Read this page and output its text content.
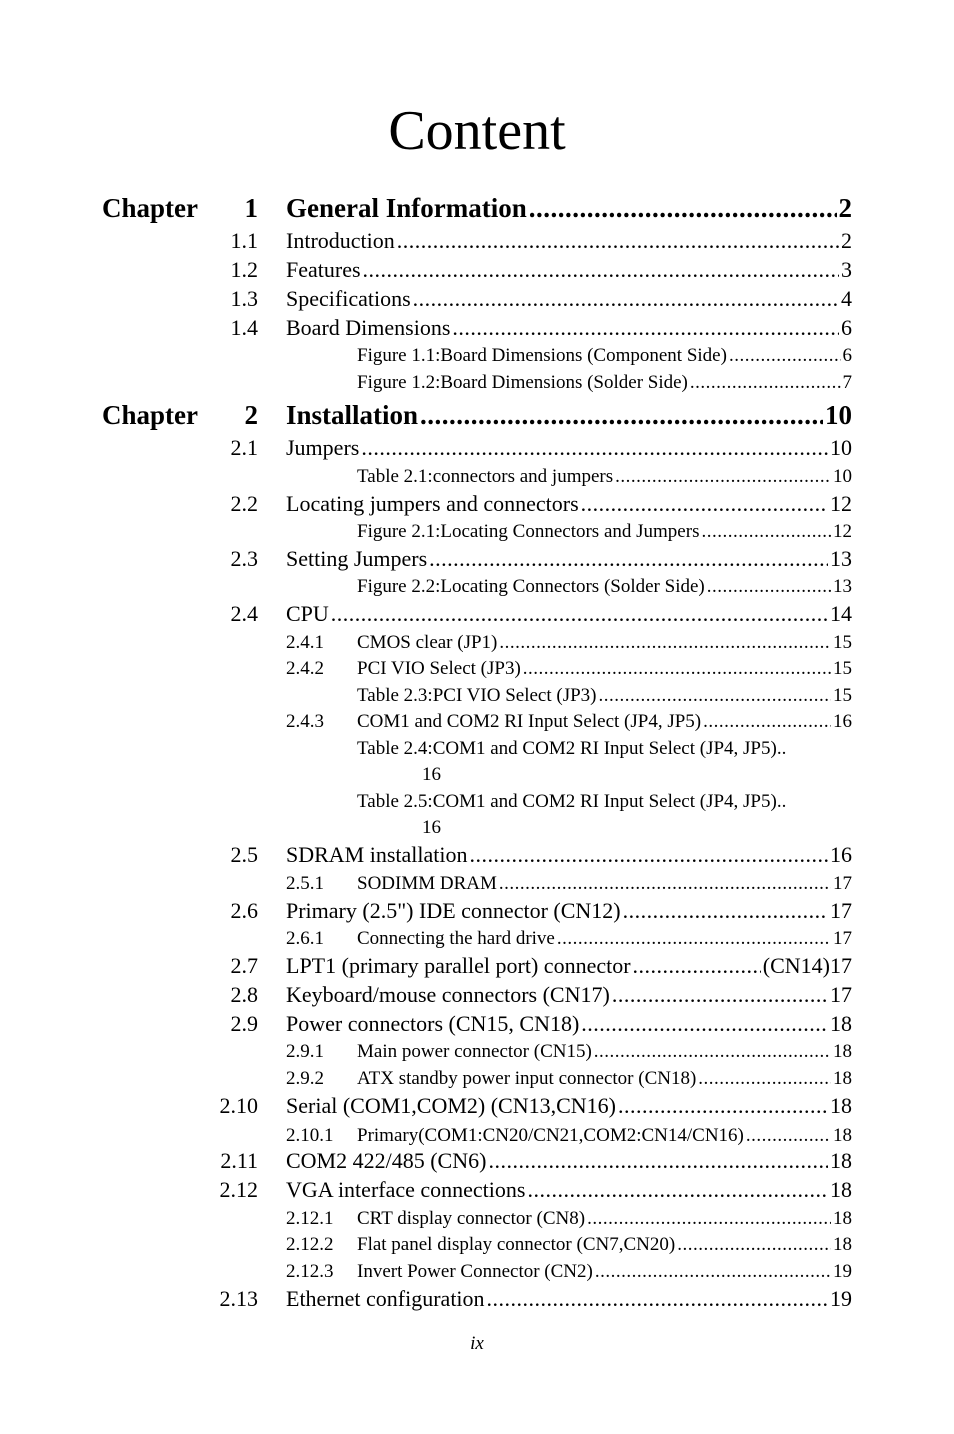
Content
Chapter	1 General Information .....	2
1.1 Introduction .....	2
1.2 Features .....	3
1.3 Specifications .....	4
1.4 Board Dimensions .....	6
Figure 1.1:Board Dimensions (Component Side) .....	6
Figure 1.2:Board Dimensions (Solder Side) .....	7
Chapter	2 Installation .....	10
2.1 Jumpers .....	10
Table 2.1:connectors and jumpers .....	10
2.2 Locating jumpers and connectors .....	12
Figure 2.1:Locating Connectors and Jumpers .....	12
2.3 Setting Jumpers .....	13
Figure 2.2:Locating Connectors (Solder Side) .....	13
2.4 CPU .....	14
2.4.1 CMOS clear (JP1) .....	15
2.4.2 PCI VIO Select (JP3) .....	15
Table 2.3:PCI VIO Select (JP3) .....	15
2.4.3 COM1 and COM2 RI Input Select (JP4, JP5) .....	16
Table 2.4:COM1 and COM2 RI Input Select (JP4, JP5)..
16
Table 2.5:COM1 and COM2 RI Input Select (JP4, JP5)..
16
2.5 SDRAM installation .....	16
2.5.1 SODIMM DRAM .....	17
2.6 Primary (2.5") IDE connector (CN12) .....	17
2.6.1 Connecting the hard drive .....	17
2.7 LPT1 (primary parallel port) connector .....	(CN14)17
2.8 Keyboard/mouse connectors (CN17) .....	17
2.9 Power connectors (CN15, CN18) .....	18
2.9.1 Main power connector (CN15) .....	18
2.9.2 ATX standby power input connector (CN18) .....	18
2.10 Serial (COM1,COM2) (CN13,CN16) .....	18
2.10.1 Primary(COM1:CN20/CN21,COM2:CN14/CN16) .....	18
2.11 COM2 422/485 (CN6) .....	18
2.12 VGA interface connections .....	18
2.12.1 CRT display connector (CN8) .....	18
2.12.2 Flat panel display connector (CN7,CN20) .....	18
2.12.3 Invert Power Connector (CN2) .....	19
2.13 Ethernet configuration .....	19
ix
